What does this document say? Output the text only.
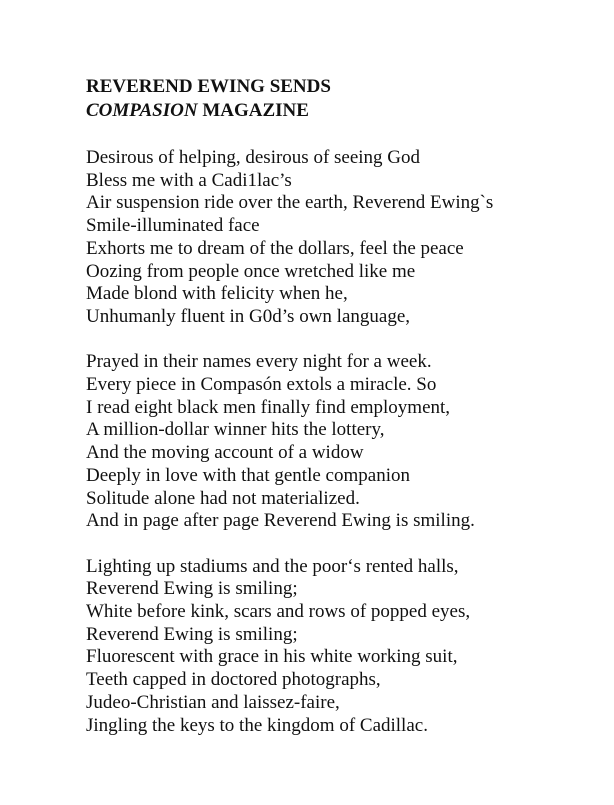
REVEREND EWING SENDS
COMPASION MAGAZINE

Desirous of helping, desirous of seeing God
Bless me with a Cadi1lac’s
Air suspension ride over the earth, Reverend Ewing`s
Smile-illuminated face
Exhorts me to dream of the dollars, feel the peace
Oozing from people once wretched like me
Made blond with felicity when he,
Unhumanly fluent in G0d’s own language,

Prayed in their names every night for a week.
Every piece in Compasón extols a miracle. So
I read eight black men finally find employment,
A million-dollar winner hits the lottery,
And the moving account of a widow
Deeply in love with that gentle companion
Solitude alone had not materialized.
And in page after page Reverend Ewing is smiling.

Lighting up stadiums and the poor‘s rented halls,
Reverend Ewing is smiling;
White before kink, scars and rows of popped eyes,
Reverend Ewing is smiling;
Fluorescent with grace in his white working suit,
Teeth capped in doctored photographs,
Judeo-Christian and laissez-faire,
Jingling the keys to the kingdom of Cadillac.
